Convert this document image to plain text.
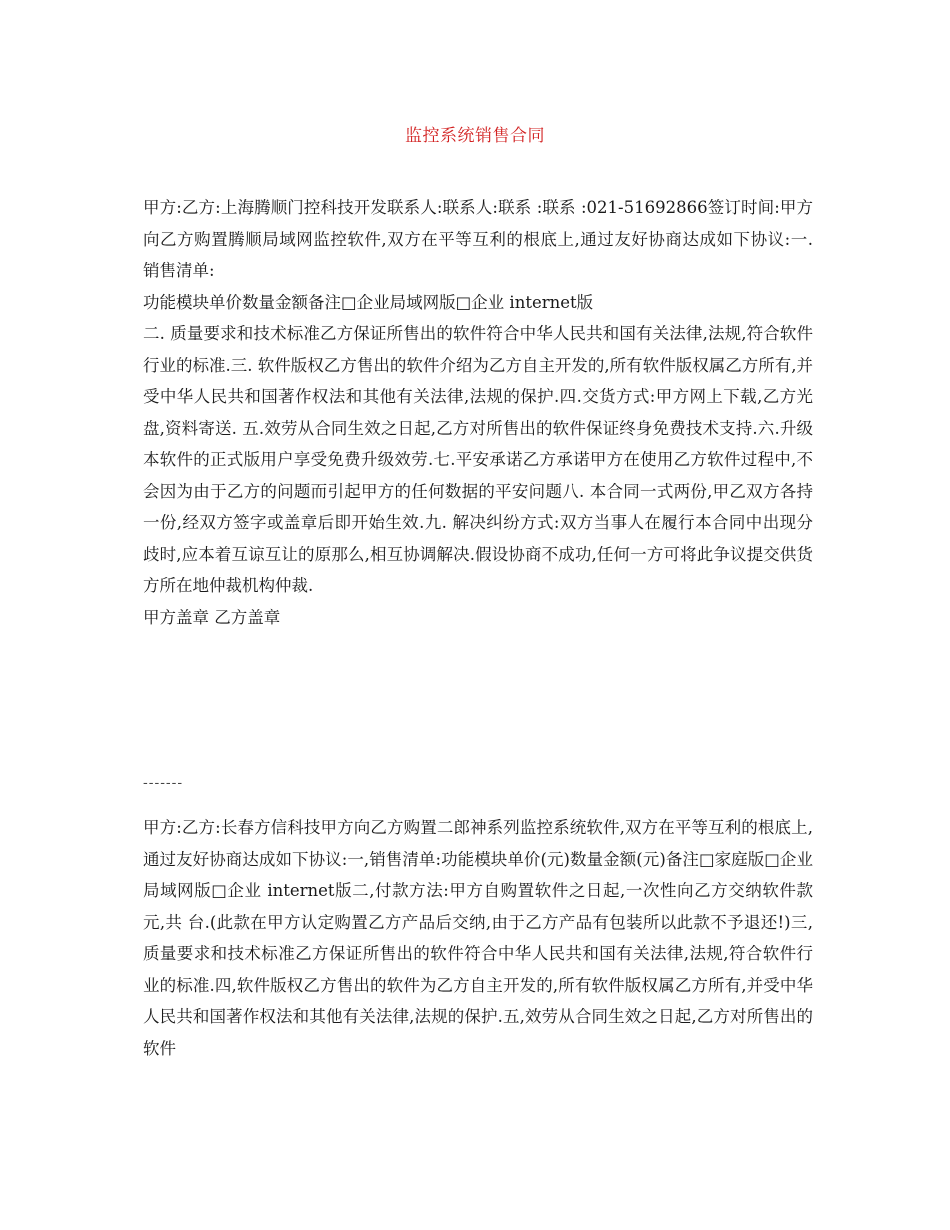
监控系统销售合同

甲方:乙方:上海腾顺门控科技开发联系人:联系人:联系 :联系 :021-51692866签订时间:甲方向乙方购置腾顺局域网监控软件,双方在平等互利的根底上,通过友好协商达成如下协议:一. 销售清单:

功能模块单价数量金额备注□企业局域网版□企业 internet版

二. 质量要求和技术标准乙方保证所售出的软件符合中华人民共和国有关法律,法规,符合软件行业的标准.三. 软件版权乙方售出的软件介绍为乙方自主开发的,所有软件版权属乙方所有,并受中华人民共和国著作权法和其他有关法律,法规的保护.四.交货方式:甲方网上下载,乙方光盘,资料寄送. 五.效劳从合同生效之日起,乙方对所售出的软件保证终身免费技术支持.六.升级本软件的正式版用户享受免费升级效劳.七.平安承诺乙方承诺甲方在使用乙方软件过程中,不会因为由于乙方的问题而引起甲方的任何数据的平安问题八. 本合同一式两份,甲乙双方各持一份,经双方签字或盖章后即开始生效.九. 解决纠纷方式:双方当事人在履行本合同中出现分歧时,应本着互谅互让的原那么,相互协调解决.假设协商不成功,任何一方可将此争议提交供货方所在地仲裁机构仲裁.

甲方盖章 乙方盖章

-------

甲方:乙方:长春方信科技甲方向乙方购置二郎神系列监控系统软件,双方在平等互利的根底上,通过友好协商达成如下协议:一,销售清单:功能模块单价(元)数量金额(元)备注□家庭版□企业局域网版□企业 internet版二,付款方法:甲方自购置软件之日起,一次性向乙方交纳软件款 元,共 台.(此款在甲方认定购置乙方产品后交纳,由于乙方产品有包装所以此款不予退还!)三,质量要求和技术标准乙方保证所售出的软件符合中华人民共和国有关法律,法规,符合软件行业的标准.四,软件版权乙方售出的软件为乙方自主开发的,所有软件版权属乙方所有,并受中华人民共和国著作权法和其他有关法律,法规的保护.五,效劳从合同生效之日起,乙方对所售出的软件
